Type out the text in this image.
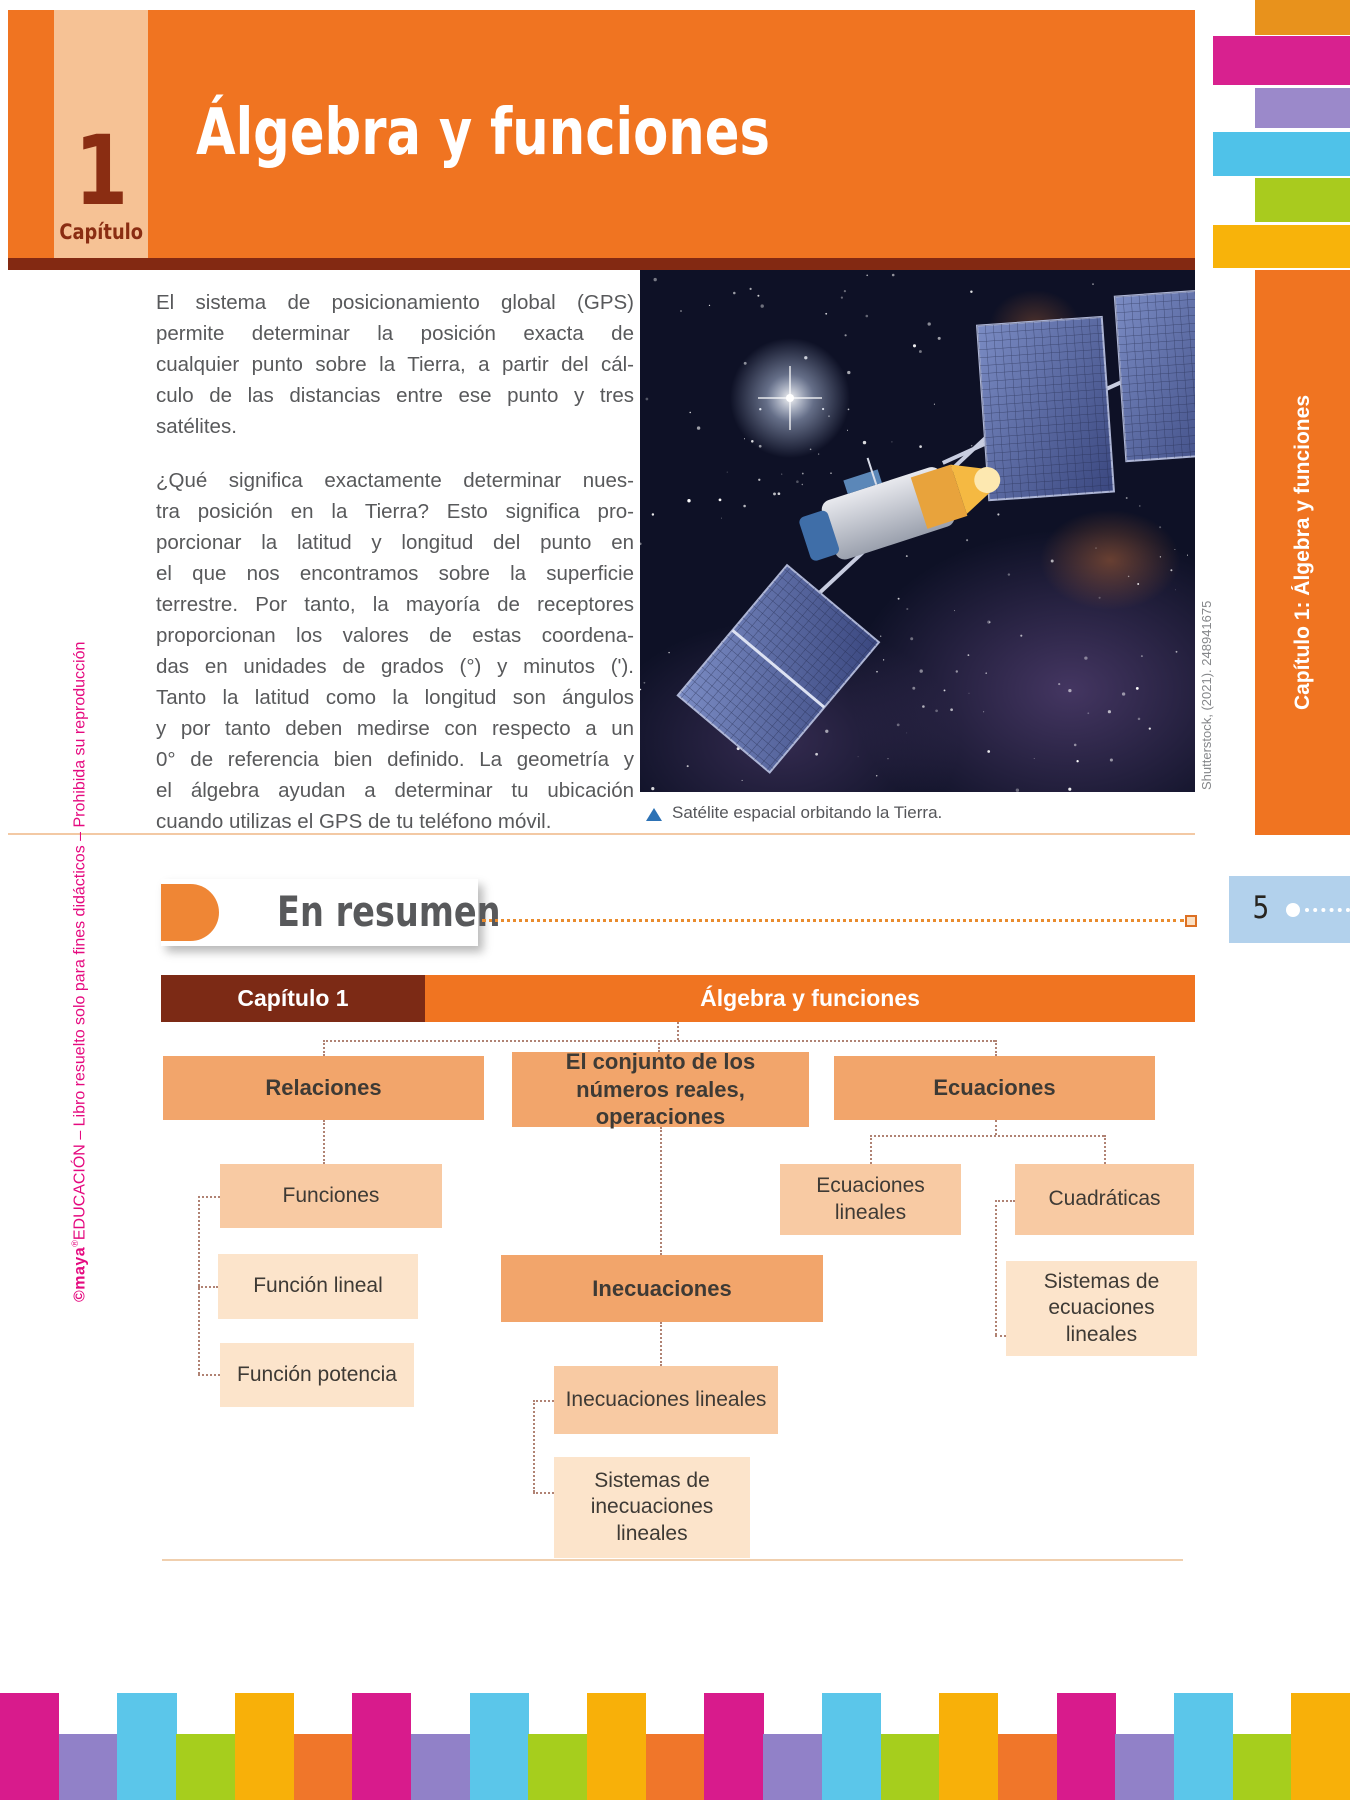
1
Capítulo
Álgebra y funciones
El sistema de posicionamiento global (GPS)
permite determinar la posición exacta de
cualquier punto sobre la Tierra, a partir del cál-
culo de las distancias entre ese punto y tres
satélites.
¿Qué significa exactamente determinar nues-
tra posición en la Tierra? Esto significa pro-
porcionar la latitud y longitud del punto en
el que nos encontramos sobre la superficie
terrestre. Por tanto, la mayoría de receptores
proporcionan los valores de estas coordena-
das en unidades de grados (°) y minutos (').
Tanto la latitud como la longitud son ángulos
y por tanto deben medirse con respecto a un
0° de referencia bien definido. La geometría y
el álgebra ayudan a determinar tu ubicación
cuando utilizas el GPS de tu teléfono móvil.	Satélite espacial orbitando la Tierra.
Shutterstock, (2021). 248941675	Capítulo 1: Álgebra y funciones
5
En resumen
Capítulo 1	Álgebra y funciones
Relaciones
El conjunto de los números reales, operaciones
Ecuaciones
Funciones	Ecuaciones lineales
Cuadráticas
Función lineal	Inecuaciones	Sistemas de ecuaciones lineales
Función potencia
Inecuaciones lineales
Sistemas de inecuaciones lineales
©maya®EDUCACIÓN – Libro resuelto solo para fines didácticos – Prohibida su reproducción
